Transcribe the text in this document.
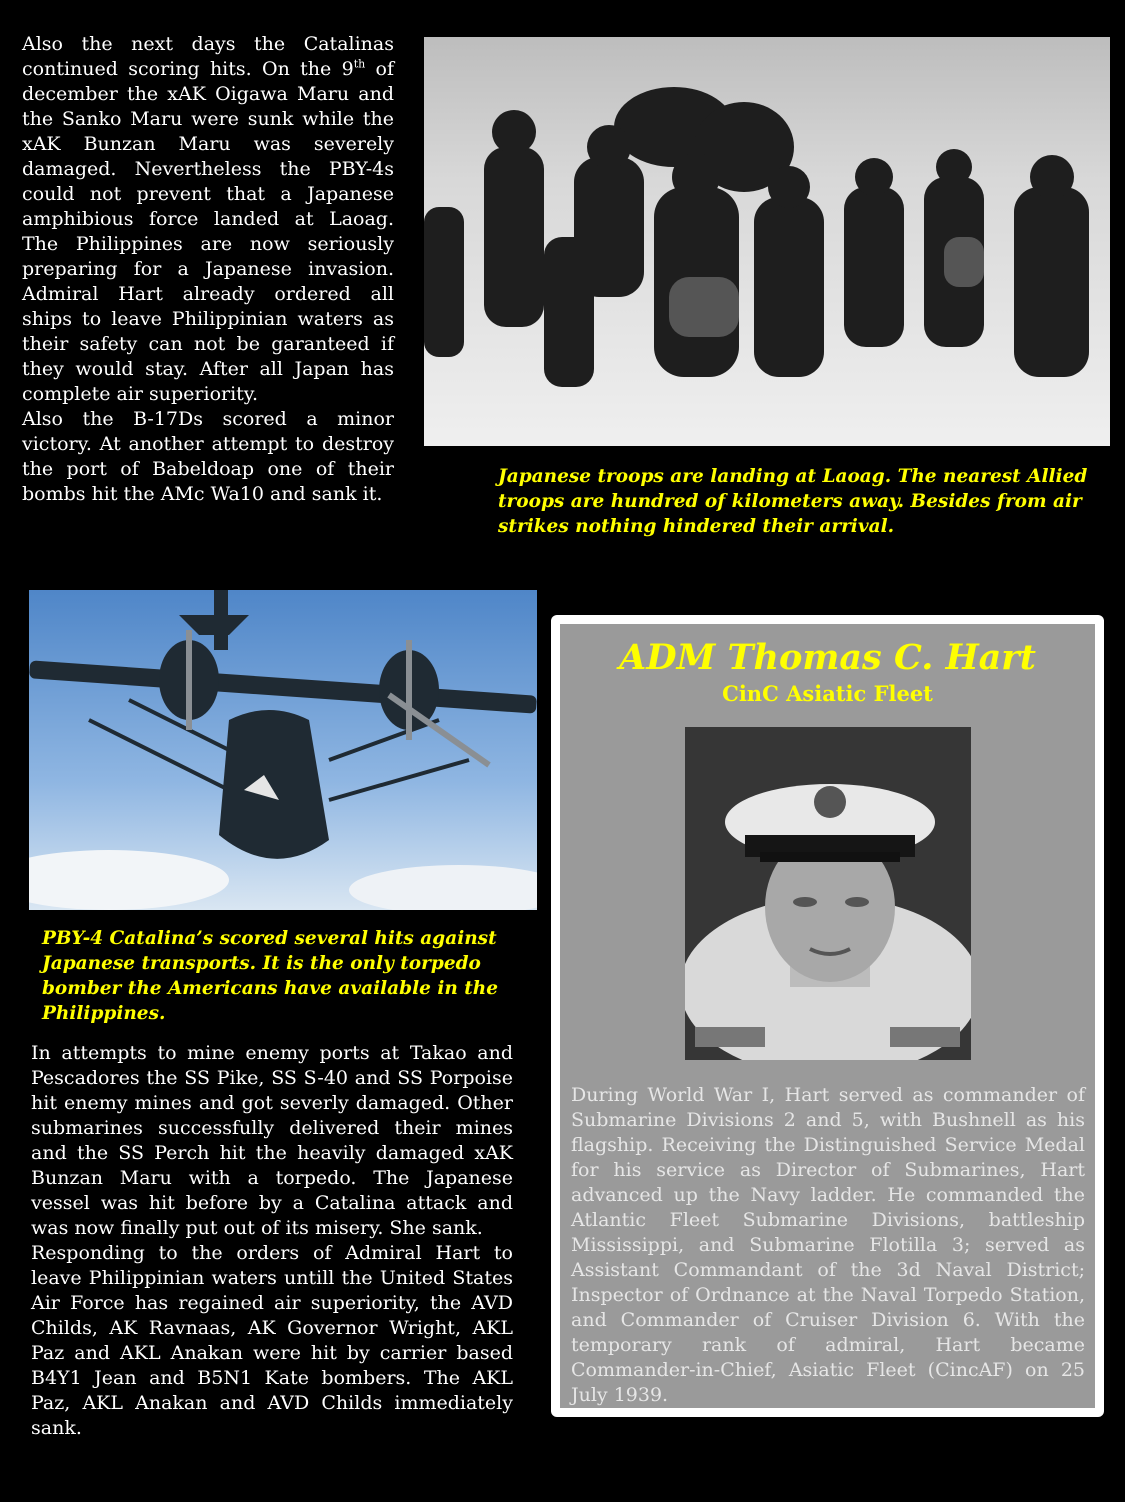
Also the next days the Catalinas continued scoring hits. On the 9th of december the xAK Oigawa Maru and the Sanko Maru were sunk while the xAK Bunzan Maru was severely damaged. Nevertheless the PBY-4s could not prevent that a Japanese amphibious force landed at Laoag. The Philippines are now seriously preparing for a Japanese invasion. Admiral Hart already ordered all ships to leave Philippinian waters as their safety can not be garanteed if they would stay. After all Japan has complete air superiority.

Also the B-17Ds scored a minor victory. At another attempt to destroy the port of Babeldoap one of their bombs hit the AMc Wa10 and sank it.

Japanese troops are landing at Laoag. The nearest Allied troops are hundred of kilometers away. Besides from air strikes nothing hindered their arrival.
PBY-4 Catalina’s scored several hits against Japanese transports. It is the only torpedo bomber the Americans have available in the Philippines.

In attempts to mine enemy ports at Takao and Pescadores the SS Pike, SS S-40 and SS Porpoise hit enemy mines and got severly damaged. Other submarines successfully delivered their mines and the SS Perch hit the heavily damaged xAK Bunzan Maru with a torpedo. The Japanese vessel was hit before by a Catalina attack and was now finally put out of its misery. She sank.

Responding to the orders of Admiral Hart to leave Philippinian waters untill the United States Air Force has regained air superiority, the AVD Childs, AK Ravnaas, AK Governor Wright, AKL Paz and AKL Anakan were hit by carrier based B4Y1 Jean and B5N1 Kate bombers. The AKL Paz, AKL Anakan and AVD Childs immediately sank.

ADM Thomas C. Hart
CinC Asiatic Fleet

During World War I, Hart served as commander of Submarine Divisions 2 and 5, with Bushnell as his flagship. Receiving the Distinguished Service Medal for his service as Director of Submarines, Hart advanced up the Navy ladder. He commanded the Atlantic Fleet Submarine Divisions, battleship Mississippi, and Submarine Flotilla 3; served as Assistant Commandant of the 3d Naval District; Inspector of Ordnance at the Naval Torpedo Station, and Commander of Cruiser Division 6. With the temporary rank of admiral, Hart became Commander-in-Chief, Asiatic Fleet (CincAF) on 25 July 1939.
